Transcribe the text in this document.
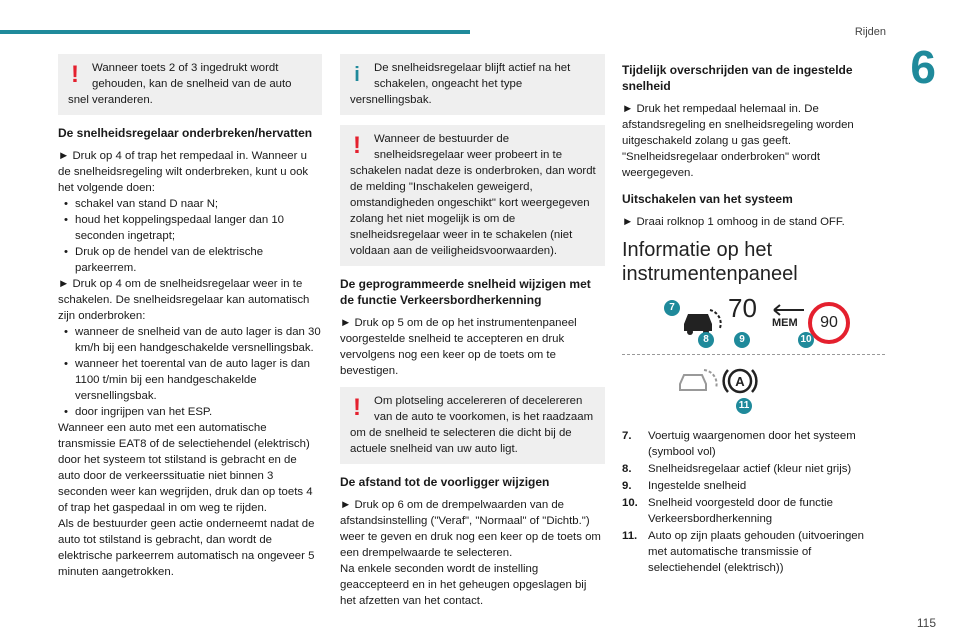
Rijden
6
115
!	Wanneer toets 2 of 3 ingedrukt wordt gehouden, kan de snelheid van de auto snel veranderen.

De snelheidsregelaar onderbreken/hervatten

► Druk op 4 of trap het rempedaal in. Wanneer u de snelheidsregeling wilt onderbreken, kunt u ook het volgende doen:

• schakel van stand D naar N;
• houd het koppelingspedaal langer dan 10 seconden ingetrapt;
• Druk op de hendel van de elektrische parkeerrem.

► Druk op 4 om de snelheidsregelaar weer in te schakelen. De snelheidsregelaar kan automatisch zijn onderbroken:

• wanneer de snelheid van de auto lager is dan 30 km/h bij een handgeschakelde versnellingsbak.
• wanneer het toerental van de auto lager is dan 1100 t/min bij een handgeschakelde versnellingsbak.
• door ingrijpen van het ESP.

Wanneer een auto met een automatische transmissie EAT8 of de selectiehendel (elektrisch) door het systeem tot stilstand is gebracht en de auto door de verkeerssituatie niet binnen 3 seconden weer kan wegrijden, druk dan op toets 4 of trap het gaspedaal in om weg te rijden.

Als de bestuurder geen actie onderneemt nadat de auto tot stilstand is gebracht, dan wordt de elektrische parkeerrem automatisch na ongeveer 5 minuten aangetrokken.

i	De snelheidsregelaar blijft actief na het schakelen, ongeacht het type versnellingsbak.

!	Wanneer de bestuurder de snelheidsregelaar weer probeert in te schakelen nadat deze is onderbroken, dan wordt de melding "Inschakelen geweigerd, omstandigheden ongeschikt" kort weergegeven zolang het niet mogelijk is om de snelheidsregelaar weer in te schakelen (niet voldaan aan de veiligheidsvoorwaarden).

De geprogrammeerde snelheid wijzigen met de functie Verkeersbordherkenning

► Druk op 5 om de op het instrumentenpaneel voorgestelde snelheid te accepteren en druk vervolgens nog een keer op de toets om te bevestigen.

!	Om plotseling accelereren of decelereren van de auto te voorkomen, is het raadzaam om de snelheid te selecteren die dicht bij de actuele snelheid van uw auto ligt.

De afstand tot de voorligger wijzigen

► Druk op 6 om de drempelwaarden van de afstandsinstelling ("Veraf", "Normaal" of "Dichtb.") weer te geven en druk nog een keer op de toets om een drempelwaarde te selecteren.

Na enkele seconden wordt de instelling geaccepteerd en in het geheugen opgeslagen bij het afzetten van het contact.

Tijdelijk overschrijden van de ingestelde snelheid

► Druk het rempedaal helemaal in. De afstandsregeling en snelheidsregeling worden uitgeschakeld zolang u gas geeft. "Snelheidsregelaar onderbroken" wordt weergegeven.

Uitschakelen van het systeem

► Draai rolknop 1 omhoog in de stand OFF.

Informatie op het instrumentenpaneel
7
8
70
9
MEM	90
10
A
11
7.	Voertuig waargenomen door het systeem (symbool vol)
8.	Snelheidsregelaar actief (kleur niet grijs)
9.	Ingestelde snelheid
10. Snelheid voorgesteld door de functie Verkeersbordherkenning
11. Auto op zijn plaats gehouden (uitvoeringen met automatische transmissie of selectiehendel (elektrisch))
